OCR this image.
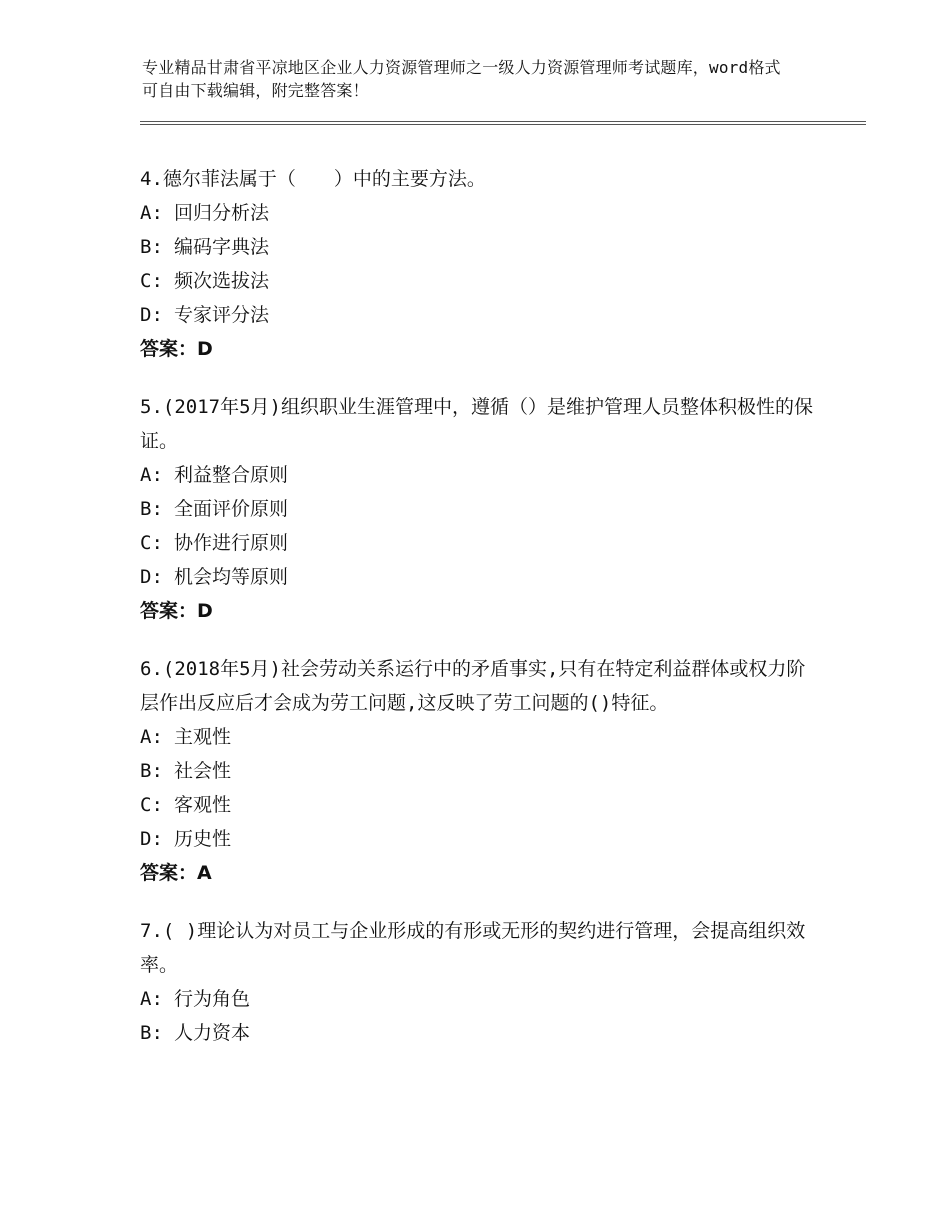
专业精品甘肃省平凉地区企业人力资源管理师之一级人力资源管理师考试题库，word格式可自由下载编辑，附完整答案！

4.德尔菲法属于（　　）中的主要方法。

A: 回归分析法

B: 编码字典法

C: 频次选拔法

D: 专家评分法

答案：D

5.(2017年5月)组织职业生涯管理中，遵循（）是维护管理人员整体积极性的保证。

A: 利益整合原则

B: 全面评价原则

C: 协作进行原则

D: 机会均等原则

答案：D

6.(2018年5月)社会劳动关系运行中的矛盾事实,只有在特定利益群体或权力阶层作出反应后才会成为劳工问题,这反映了劳工问题的()特征。

A: 主观性

B: 社会性

C: 客观性

D: 历史性

答案：A

7.( )理论认为对员工与企业形成的有形或无形的契约进行管理，会提高组织效率。

A: 行为角色

B: 人力资本
